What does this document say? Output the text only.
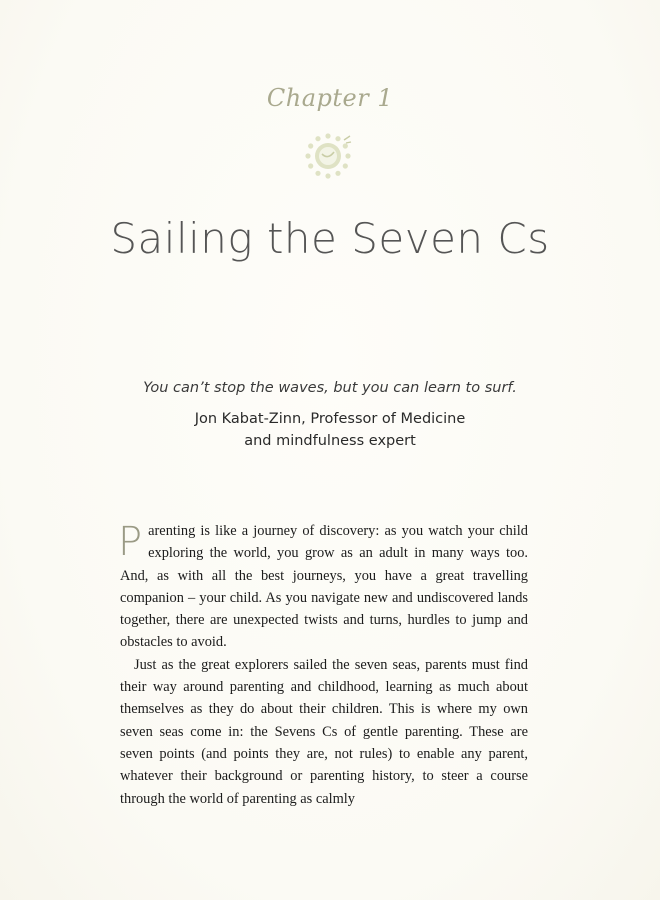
Chapter 1
Sailing the Seven Cs

You can’t stop the waves, but you can learn to surf.

Jon Kabat-Zinn, Professor of Medicine
and mindfulness expert

Parenting is like a journey of discovery: as you watch your child exploring the world, you grow as an adult in many ways too. And, as with all the best journeys, you have a great travelling companion – your child. As you navigate new and undiscovered lands together, there are unexpected twists and turns, hurdles to jump and obstacles to avoid.

Just as the great explorers sailed the seven seas, parents must find their way around parenting and childhood, learning as much about themselves as they do about their children. This is where my own seven seas come in: the Sevens Cs of gentle parenting. These are seven points (and points they are, not rules) to enable any parent, whatever their background or parenting history, to steer a course through the world of parenting as calmly
